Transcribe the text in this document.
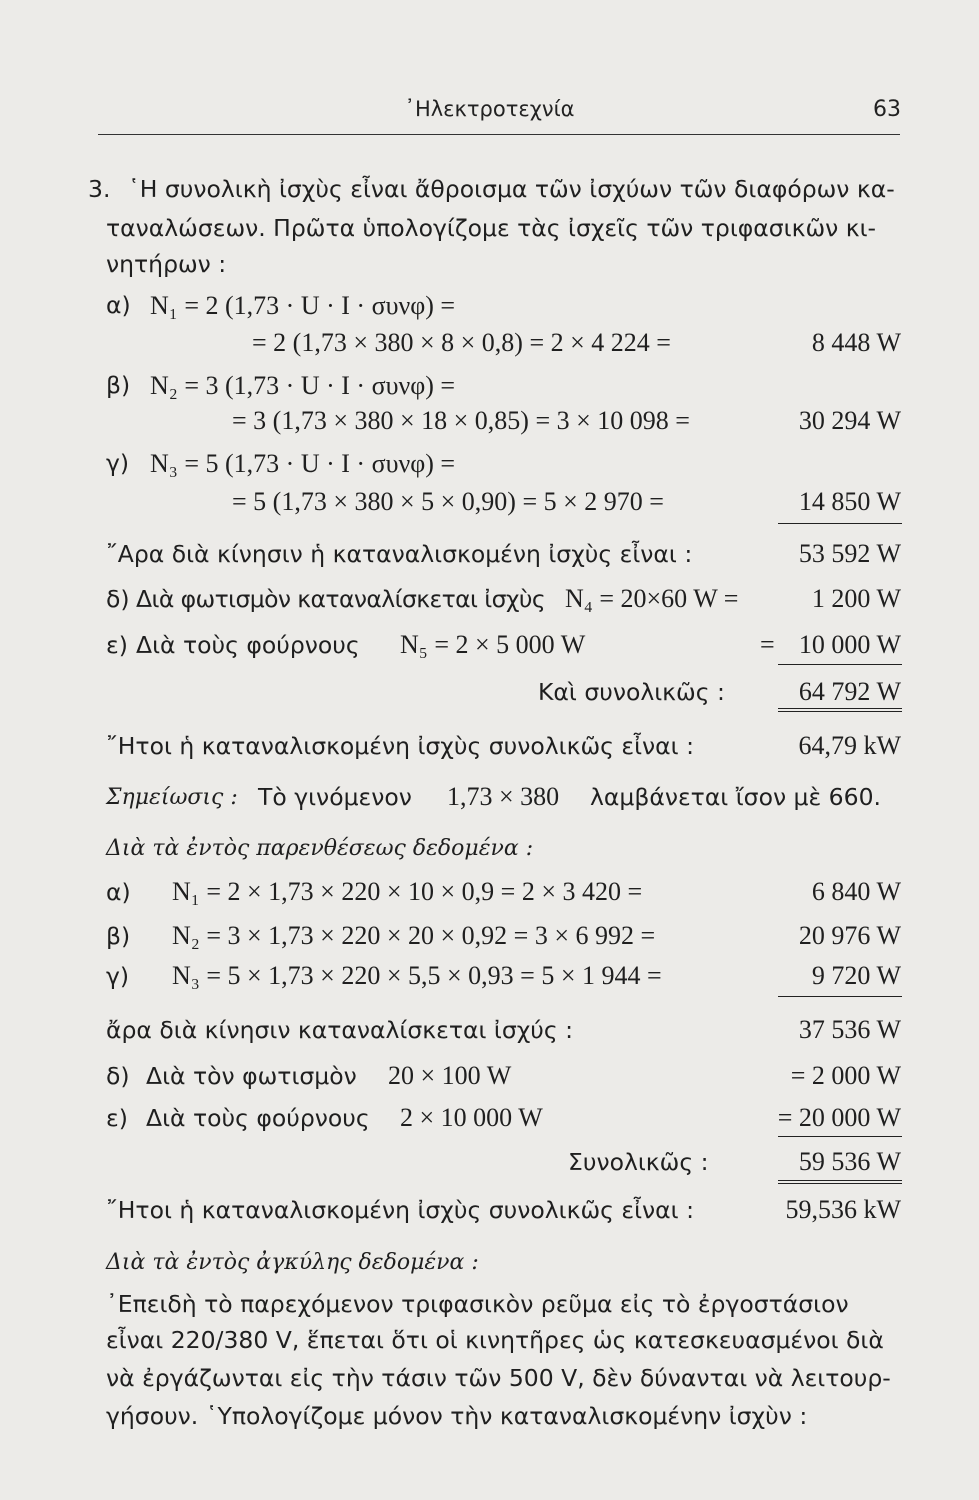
᾿Ηλεκτροτεχνία	63
3. ῾Η συνολικὴ ἰσχὺς εἶναι ἄθροισμα τῶν ἰσχύων τῶν διαφόρων κα-
ταναλώσεων. Πρῶτα ὑπολογίζομε τὰς ἰσχεῖς τῶν τριφασικῶν κι-
νητήρων :
α) N₁ = 2 (1,73 · U · I · συνφ) =
= 2 (1,73 × 380 × 8 × 0,8) = 2 × 4 224 =	8 448 W
β) N₂ = 3 (1,73 · U · I · συνφ) =
= 3 (1,73 × 380 × 18 × 0,85) = 3 × 10 098 =	30 294 W
γ) N₃ = 5 (1,73 · U · I · συνφ) =
= 5 (1,73 × 380 × 5 × 0,90) = 5 × 2 970 =	14 850 W
῎Αρα διὰ κίνησιν ἡ καταναλισκομένη ἰσχὺς εἶναι :	53 592 W
δ) Διὰ φωτισμὸν καταναλίσκεται ἰσχὺς N₄ = 20×60 W =	1 200 W
ε) Διὰ τοὺς φούρνους N₅ = 2 × 5 000 W	= 10 000 W
Καὶ συνολικῶς :	64 792 W
῎Ητοι ἡ καταναλισκομένη ἰσχὺς συνολικῶς εἶναι :	64,79 kW
Σημείωσις : Τὸ γινόμενον 1,73 × 380 λαμβάνεται ἴσον μὲ 660.
Διὰ τὰ ἐντὸς παρενθέσεως δεδομένα :
α) N₁ = 2 × 1,73 × 220 × 10 × 0,9 = 2 × 3 420 =	6 840 W
β) N₂ = 3 × 1,73 × 220 × 20 × 0,92 = 3 × 6 992 =	20 976 W
γ) N₃ = 5 × 1,73 × 220 × 5,5 × 0,93 = 5 × 1 944 =	9 720 W
ἄρα διὰ κίνησιν καταναλίσκεται ἰσχύς :	37 536 W
δ) Διὰ τὸν φωτισμὸν 20 × 100 W	= 2 000 W
ε) Διὰ τοὺς φούρνους 2 × 10 000 W	= 20 000 W
Συνολικῶς :	59 536 W
῎Ητοι ἡ καταναλισκομένη ἰσχὺς συνολικῶς εἶναι :	59,536 kW
Διὰ τὰ ἐντὸς ἀγκύλης δεδομένα :
᾿Επειδὴ τὸ παρεχόμενον τριφασικὸν ρεῦμα εἰς τὸ ἐργοστάσιον
εἶναι 220/380 V, ἕπεται ὅτι οἱ κινητῆρες ὡς κατεσκευασμένοι διὰ
νὰ ἐργάζωνται εἰς τὴν τάσιν τῶν 500 V, δὲν δύνανται νὰ λειτουρ-
γήσουν. ῾Υπολογίζομε μόνον τὴν καταναλισκομένην ἰσχὺν :
